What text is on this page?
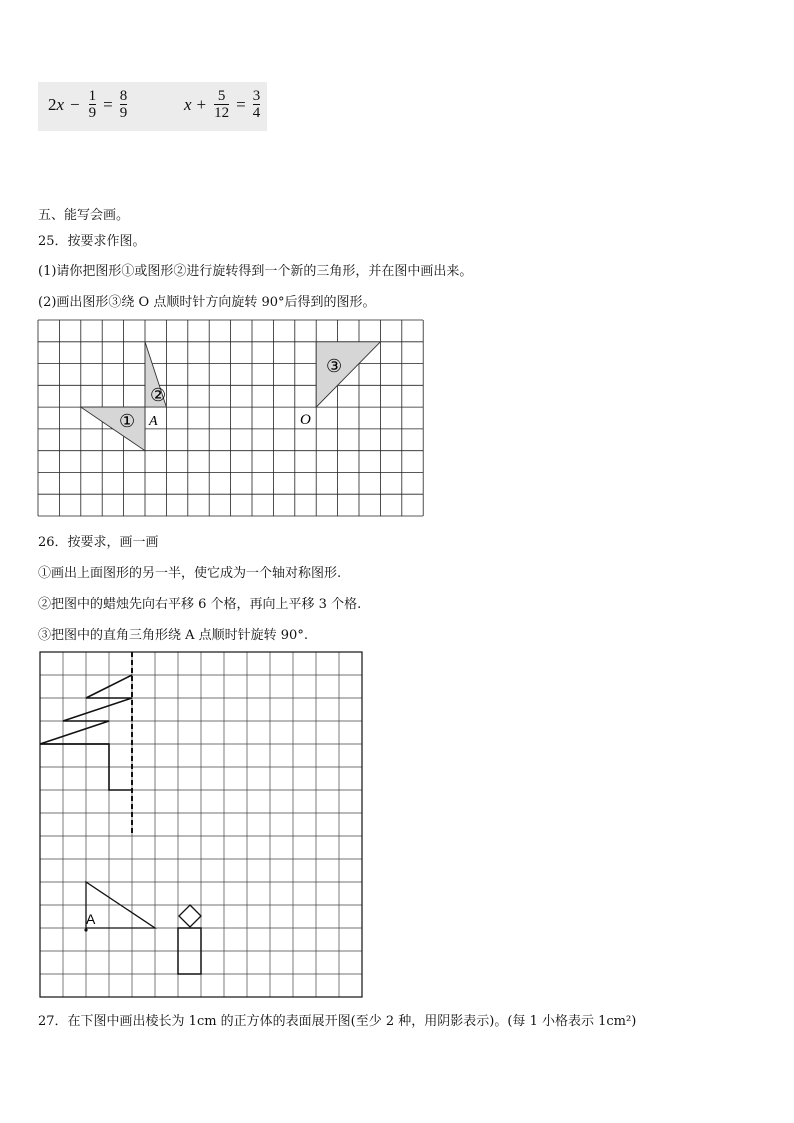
2 $x - \frac{1}{9} = \frac{8}{9}$	$x + \frac{5}{12} = \frac{3}{4}$
五、能写会画。
25．按要求作图。
(1)请你把图形①或图形②进行旋转得到一个新的三角形，并在图中画出来。
(2)画出图形③绕 O 点顺时针方向旋转 90°后得到的图形。
①
②
③
A	O
26．按要求，画一画
①画出上面图形的另一半，使它成为一个轴对称图形.
②把图中的蜡烛先向右平移 6 个格，再向上平移 3 个格.
③把图中的直角三角形绕 A 点顺时针旋转 90°.
A
27．在下图中画出棱长为 1cm 的正方体的表面展开图(至少 2 种，用阴影表示)。(每 1 小格表示 1cm²)
